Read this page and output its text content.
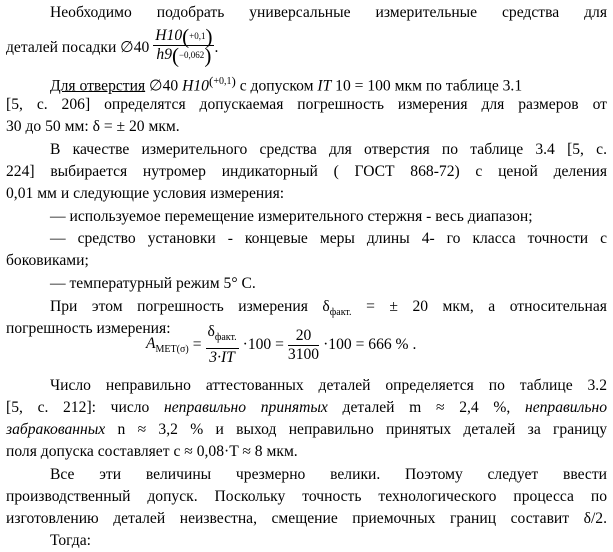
Необходимо подобрать универсальные измерительные средства для
деталей посадки ∅40 $\frac{H10(+0,1)}{h9(-0,062)}$ .
Для отверстия ∅40 $H10^{(+0,1)}$ с допуском IT 10 = 100 мкм по таблице 3.1
[5, с. 206] определятся допускаемая погрешность измерения для размеров от
30 до 50 мм: δ = ± 20 мкм.
В качестве измерительного средства для отверстия по таблице 3.4 [5, с.
224] выбирается нутромер индикаторный ( ГОСТ 868-72) с ценой деления
0,01 мм и следующие условия измерения:
— используемое перемещение измерительного стержня - весь диапазон;
— средство установки - концевые меры длины 4- го класса точности с
боковиками;
— температурный режим 5° С.
При этом погрешность измерения $\delta_{факт.}$ = ± 20 мкм, а относительная
погрешность измерения:
$A_{МЕТ(\sigma)} = \frac{\delta_{факт.}}{3\cdot IT} \cdot 100 = \frac{20}{3100} \cdot 100 = 666$ % .
Число неправильно аттестованных деталей определяется по таблице 3.2
[5, с. 212]: число неправильно принятых деталей m ≈ 2,4 %, неправильно
забракованных n ≈ 3,2 % и выход неправильно принятых деталей за границу
поля допуска составляет c ≈ 0,08·T ≈ 8 мкм.
Все эти величины чрезмерно велики. Поэтому следует ввести
производственный допуск. Поскольку точность технологического процесса по
изготовлению деталей неизвестна, смещение приемочных границ составит δ/2.
Тогда:
